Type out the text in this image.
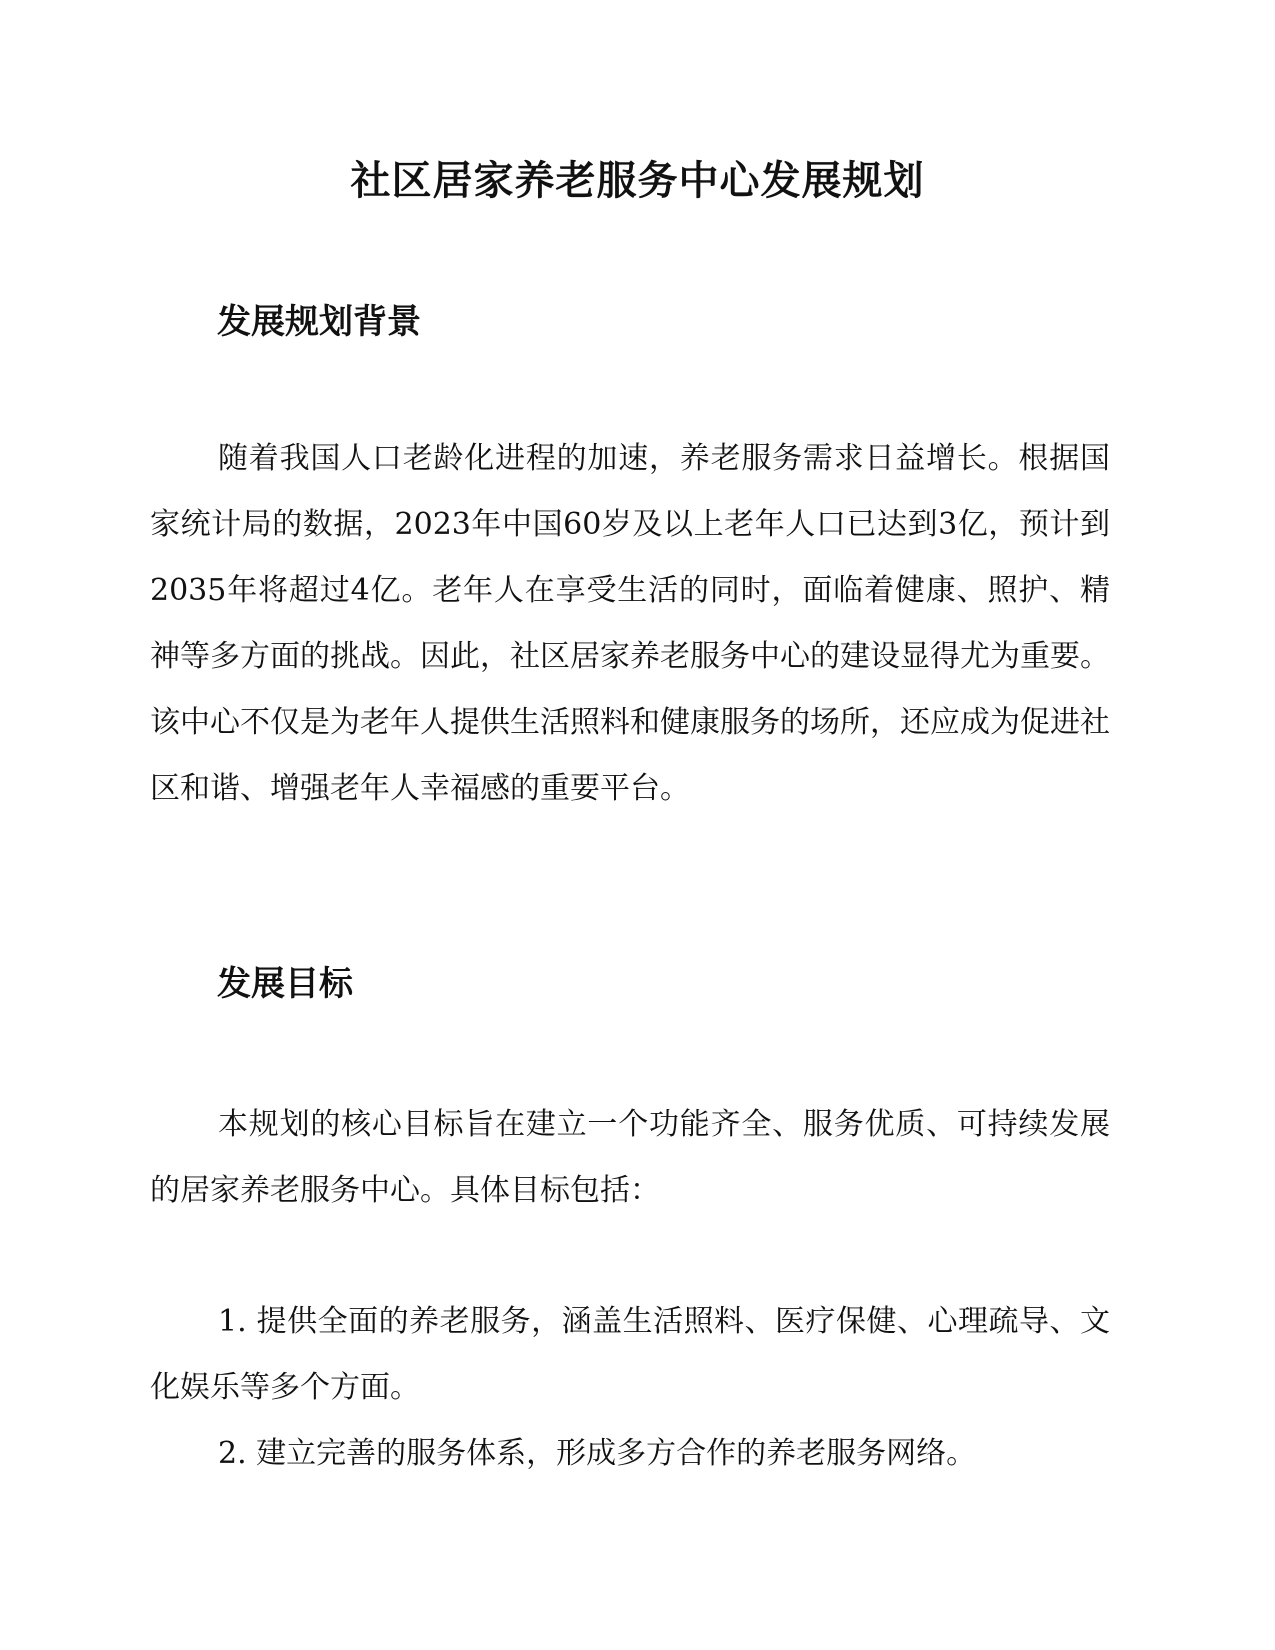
社区居家养老服务中心发展规划
发展规划背景

随着我国人口老龄化进程的加速，养老服务需求日益增长。根据国家统计局的数据，2023年中国60岁及以上老年人口已达到3亿，预计到2035年将超过4亿。老年人在享受生活的同时，面临着健康、照护、精神等多方面的挑战。因此，社区居家养老服务中心的建设显得尤为重要。该中心不仅是为老年人提供生活照料和健康服务的场所，还应成为促进社区和谐、增强老年人幸福感的重要平台。

发展目标

本规划的核心目标旨在建立一个功能齐全、服务优质、可持续发展的居家养老服务中心。具体目标包括：

1. 提供全面的养老服务，涵盖生活照料、医疗保健、心理疏导、文化娱乐等多个方面。

2. 建立完善的服务体系，形成多方合作的养老服务网络。
